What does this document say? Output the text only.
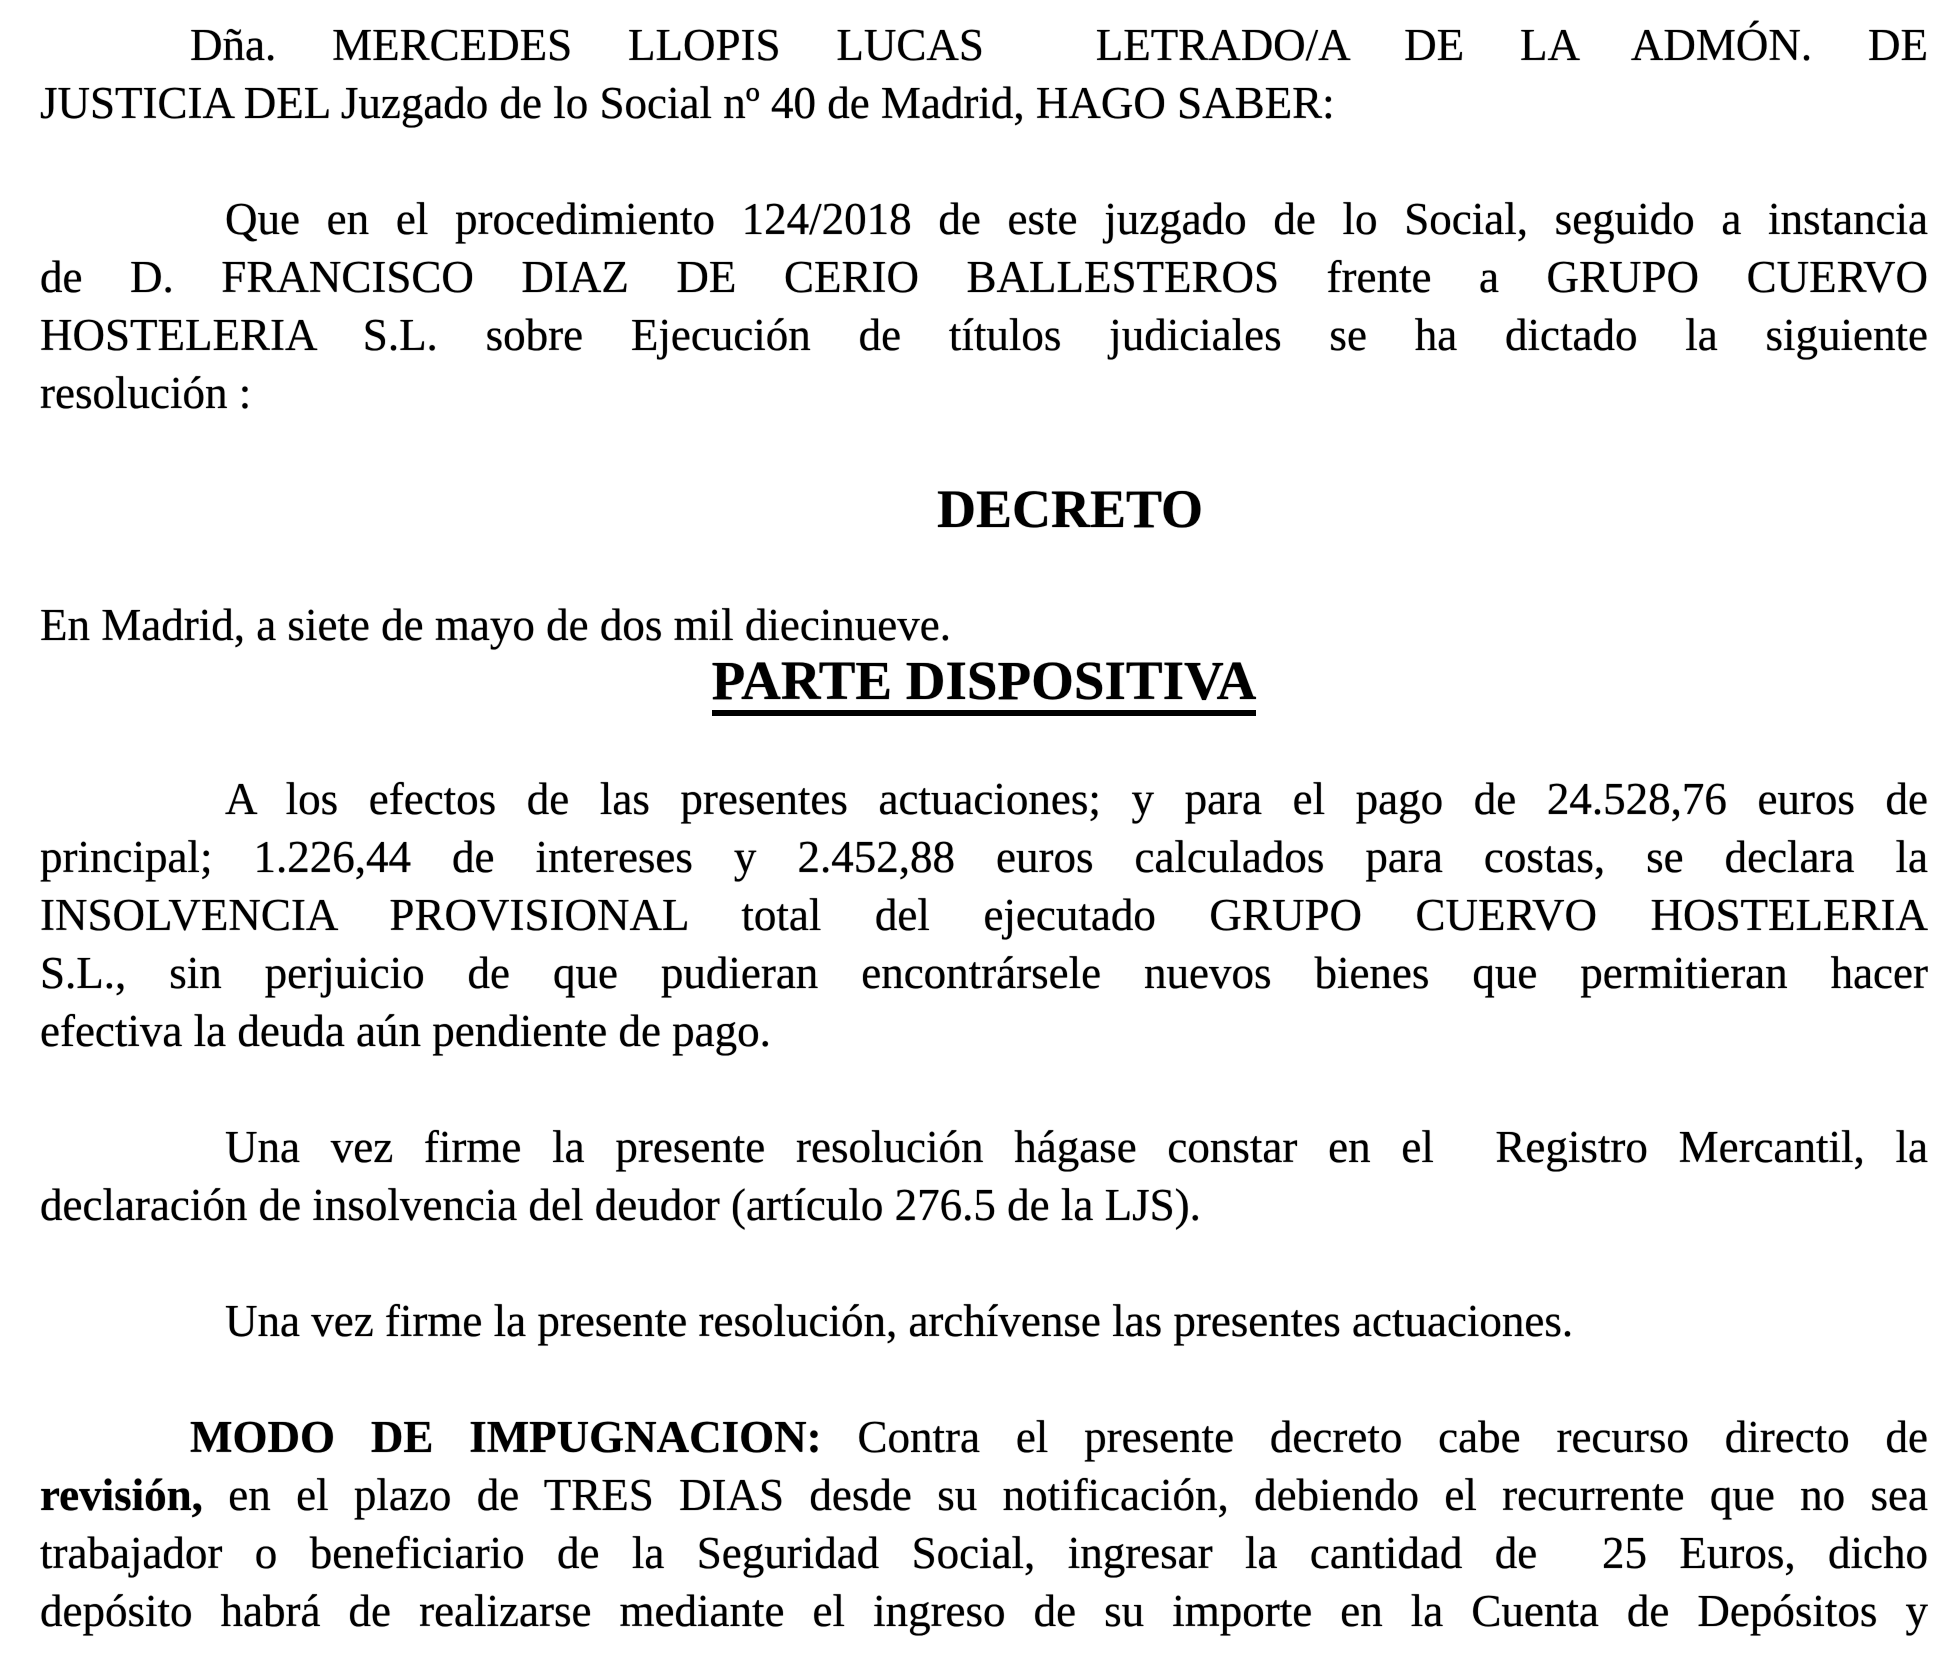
Dña. MERCEDES LLOPIS LUCAS  LETRADO/A DE LA ADMÓN. DE
JUSTICIA DEL Juzgado de lo Social nº 40 de Madrid, HAGO SABER:
Que en el procedimiento 124/2018 de este juzgado de lo Social, seguido a instancia
de D. FRANCISCO DIAZ DE CERIO BALLESTEROS frente a GRUPO CUERVO
HOSTELERIA S.L. sobre Ejecución de títulos judiciales se ha dictado la siguiente
resolución :
DECRETO
En Madrid, a siete de mayo de dos mil diecinueve.
PARTE DISPOSITIVA
A los efectos de las presentes actuaciones; y para el pago de 24.528,76 euros de
principal; 1.226,44 de intereses y 2.452,88 euros calculados para costas, se declara la
INSOLVENCIA PROVISIONAL total del ejecutado GRUPO CUERVO HOSTELERIA
S.L., sin perjuicio de que pudieran encontrársele nuevos bienes que permitieran hacer
efectiva la deuda aún pendiente de pago.
Una vez firme la presente resolución hágase constar en el  Registro Mercantil, la
declaración de insolvencia del deudor (artículo 276.5 de la LJS).
Una vez firme la presente resolución, archívense las presentes actuaciones.
MODO DE IMPUGNACION: Contra el presente decreto cabe recurso directo de
revisión, en el plazo de TRES DIAS desde su notificación, debiendo el recurrente que no sea
trabajador o beneficiario de la Seguridad Social, ingresar la cantidad de  25 Euros, dicho
depósito habrá de realizarse mediante el ingreso de su importe en la Cuenta de Depósitos y
